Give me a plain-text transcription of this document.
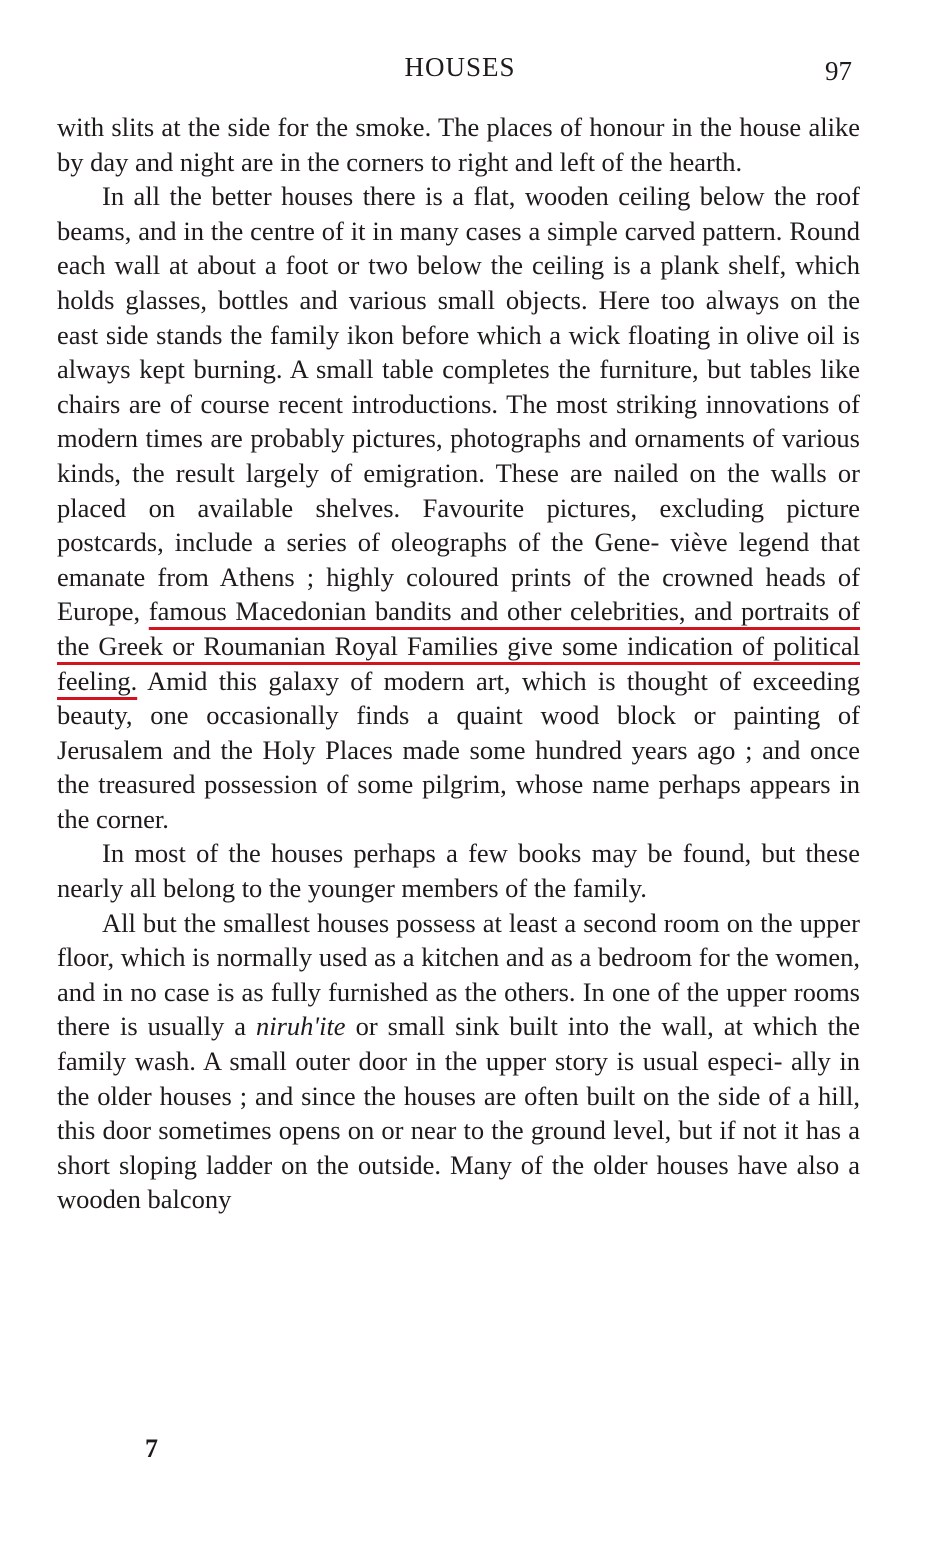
HOUSES	97

with slits at the side for the smoke. The places of honour in the house alike by day and night are in the corners to right and left of the hearth.

In all the better houses there is a flat, wooden ceiling below the roof beams, and in the centre of it in many cases a simple carved pattern. Round each wall at about a foot or two below the ceiling is a plank shelf, which holds glasses, bottles and various small objects. Here too always on the east side stands the family ikon before which a wick floating in olive oil is always kept burning. A small table completes the furniture, but tables like chairs are of course recent introductions. The most striking innovations of modern times are probably pictures, photographs and ornaments of various kinds, the result largely of emigration. These are nailed on the walls or placed on available shelves. Favourite pictures, excluding picture postcards, include a series of oleographs of the Gene- viève legend that emanate from Athens ; highly coloured prints of the crowned heads of Europe, famous Macedonian bandits and other celebrities, and portraits of the Greek or Roumanian Royal Families give some indication of political feeling. Amid this galaxy of modern art, which is thought of exceeding beauty, one occasionally finds a quaint wood block or painting of Jerusalem and the Holy Places made some hundred years ago ; and once the treasured possession of some pilgrim, whose name perhaps appears in the corner.

In most of the houses perhaps a few books may be found, but these nearly all belong to the younger members of the family.

All but the smallest houses possess at least a second room on the upper floor, which is normally used as a kitchen and as a bedroom for the women, and in no case is as fully furnished as the others. In one of the upper rooms there is usually a niruh'ite or small sink built into the wall, at which the family wash. A small outer door in the upper story is usual especi- ally in the older houses ; and since the houses are often built on the side of a hill, this door sometimes opens on or near to the ground level, but if not it has a short sloping ladder on the outside. Many of the older houses have also a wooden balcony

7
